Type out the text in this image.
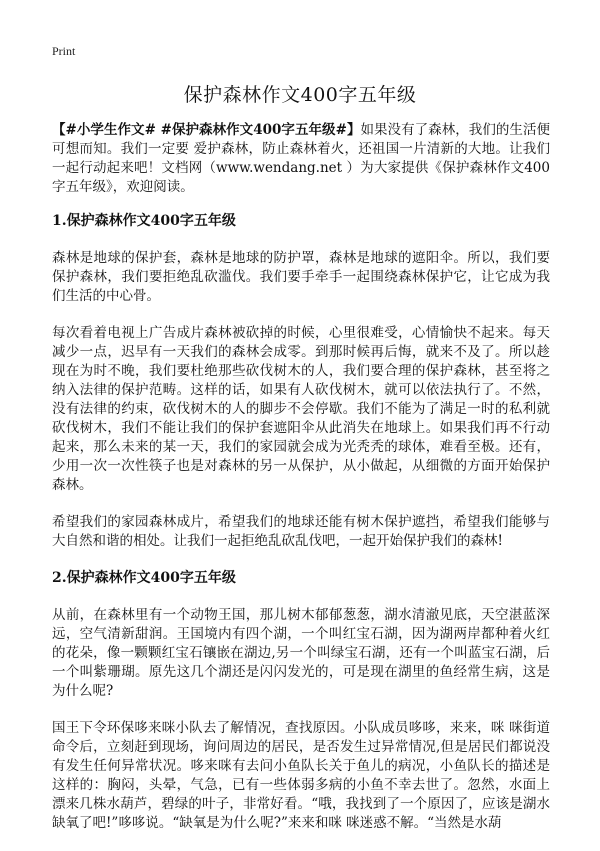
Print
保护森林作文400字五年级

【#小学生作文# #保护森林作文400字五年级#】如果没有了森林，我们的生活便可想而知。我们一定要 爱护森林，防止森林着火，还祖国一片清新的大地。让我们一起行动起来吧！文档网（www.wendang.net ）为大家提供《保护森林作文400字五年级》，欢迎阅读。

1.保护森林作文400字五年级

森林是地球的保护套，森林是地球的防护罩，森林是地球的遮阳伞。所以，我们要保护森林，我们要拒绝乱砍滥伐。我们要手牵手一起围绕森林保护它，让它成为我们生活的中心骨。

每次看着电视上广告成片森林被砍掉的时候，心里很难受，心情愉快不起来。每天减少一点，迟早有一天我们的森林会成零。到那时候再后悔，就来不及了。所以趁现在为时不晚，我们要杜绝那些砍伐树木的人，我们要合理的保护森林，甚至将之纳入法律的保护范畴。这样的话，如果有人砍伐树木，就可以依法执行了。不然，没有法律的约束，砍伐树木的人的脚步不会停歇。我们不能为了满足一时的私利就砍伐树木，我们不能让我们的保护套遮阳伞从此消失在地球上。如果我们再不行动起来，那么未来的某一天，我们的家园就会成为光秃秃的球体，难看至极。还有，少用一次一次性筷子也是对森林的另一从保护，从小做起，从细微的方面开始保护森林。

希望我们的家园森林成片，希望我们的地球还能有树木保护遮挡，希望我们能够与大自然和谐的相处。让我们一起拒绝乱砍乱伐吧，一起开始保护我们的森林!

2.保护森林作文400字五年级

从前，在森林里有一个动物王国，那儿树木郁郁葱葱，湖水清澈见底，天空湛蓝深远，空气清新甜润。王国境内有四个湖，一个叫红宝石湖，因为湖两岸都种着火红的花朵，像一颗颗红宝石镶嵌在湖边,另一个叫绿宝石湖，还有一个叫蓝宝石湖，后一个叫紫珊瑚。原先这几个湖还是闪闪发光的，可是现在湖里的鱼经常生病，这是为什么呢?

国王下令环保哆来咪小队去了解情况，查找原因。小队成员哆哆，来来，咪 咪街道命令后，立刻赶到现场，询问周边的居民，是否发生过异常情况,但是居民们都说没有发生任何异常状况。哆来咪有去问小鱼队长关于鱼儿的病况，小鱼队长的描述是这样的：胸闷，头晕，气急，已有一些体弱多病的小鱼不幸去世了。忽然，水面上漂来几株水葫芦，碧绿的叶子，非常好看。“哦，我找到了一个原因了，应该是湖水缺氧了吧!”哆哆说。“缺氧是为什么呢?”来来和咪 咪迷惑不解。“当然是水葫
